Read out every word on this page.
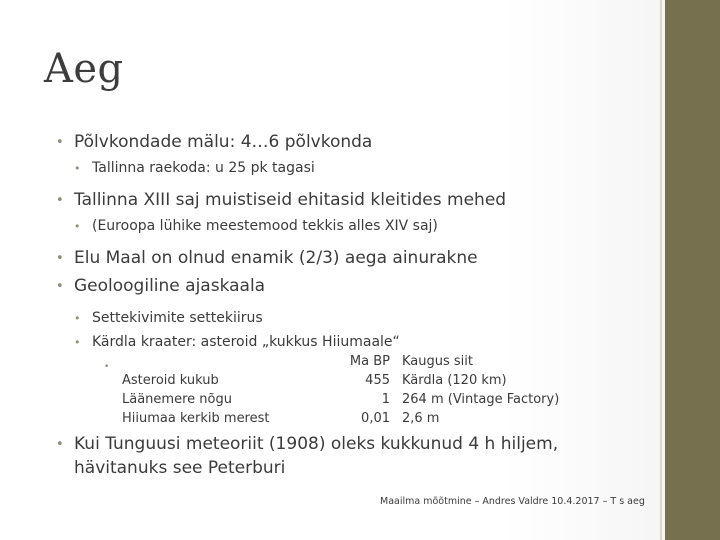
Aeg
• Põlvkondade mälu: 4…6 põlvkonda
• Tallinna raekoda: u 25 pk tagasi
• Tallinna XIII saj muistiseid ehitasid kleitides mehed
• (Euroopa lühike meestemood tekkis alles XIV saj)
• Elu Maal on olnud enamik (2/3) aega ainurakne
• Geoloogiline ajaskaala
• Settekivimite settekiirus
• Kärdla kraater: asteroid „kukkus Hiiumaale“
•
Asteroid kukub
Läänemere nõgu
Hiiumaa kerkib merest
Ma BP
455
1
0,01
Kaugus siit
Kärdla (120 km)
264 m (Vintage Factory)
2,6 m
• Kui Tunguusi meteoriit (1908) oleks kukkunud 4 h hiljem, hävitanuks see Peterburi
Maailma mõõtmine – Andres Valdre 10.4.2017 – T s aeg
